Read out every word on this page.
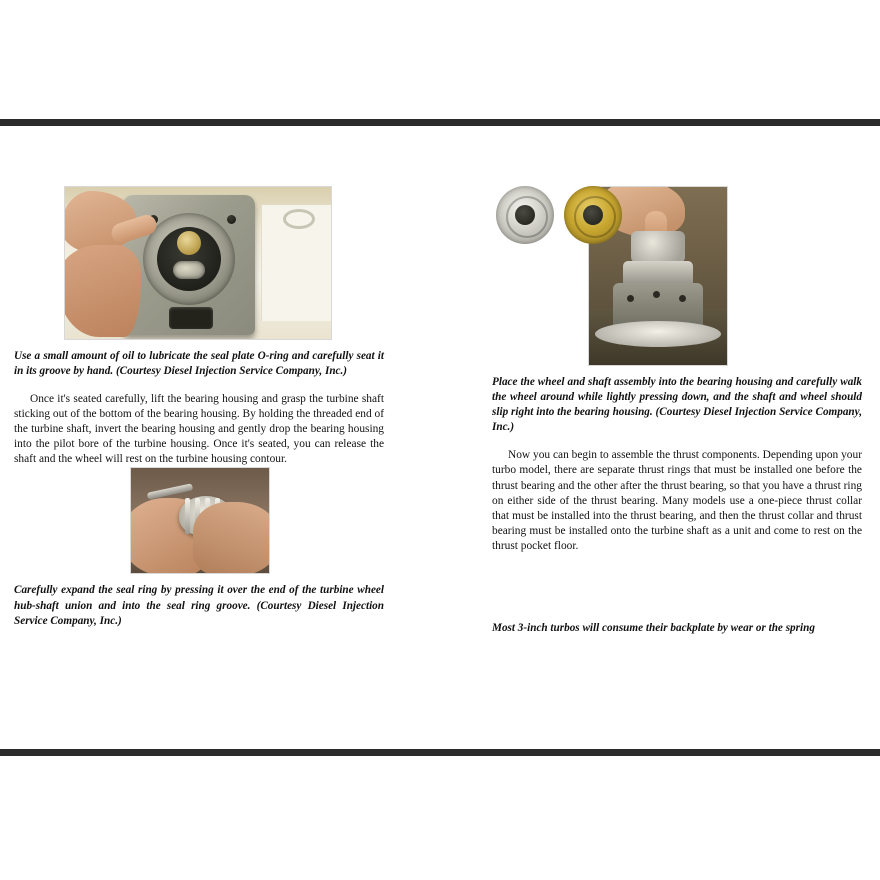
Use a small amount of oil to lubricate the seal plate O-ring and carefully seat it in its groove by hand. (Courtesy Diesel Injection Service Company, Inc.)

Once it's seated carefully, lift the bearing housing and grasp the turbine shaft sticking out of the bottom of the bearing housing. By holding the threaded end of the turbine shaft, invert the bearing housing and gently drop the bearing housing into the pilot bore of the turbine housing. Once it's seated, you can release the shaft and the wheel will rest on the turbine housing contour.

Carefully expand the seal ring by pressing it over the end of the turbine wheel hub-shaft union and into the seal ring groove. (Courtesy Diesel Injection Service Company, Inc.)

Place the wheel and shaft assembly into the bearing housing and carefully walk the wheel around while lightly pressing down, and the shaft and wheel should slip right into the bearing housing. (Courtesy Diesel Injection Service Company, Inc.)

Now you can begin to assemble the thrust components. Depending upon your turbo model, there are separate thrust rings that must be installed one before the thrust bearing and the other after the thrust bearing, so that you have a thrust ring on either side of the thrust bearing. Many models use a one-piece thrust collar that must be installed into the thrust bearing, and then the thrust collar and thrust bearing must be installed onto the turbine shaft as a unit and come to rest on the thrust pocket floor.

Most 3-inch turbos will consume their backplate by wear or the spring
